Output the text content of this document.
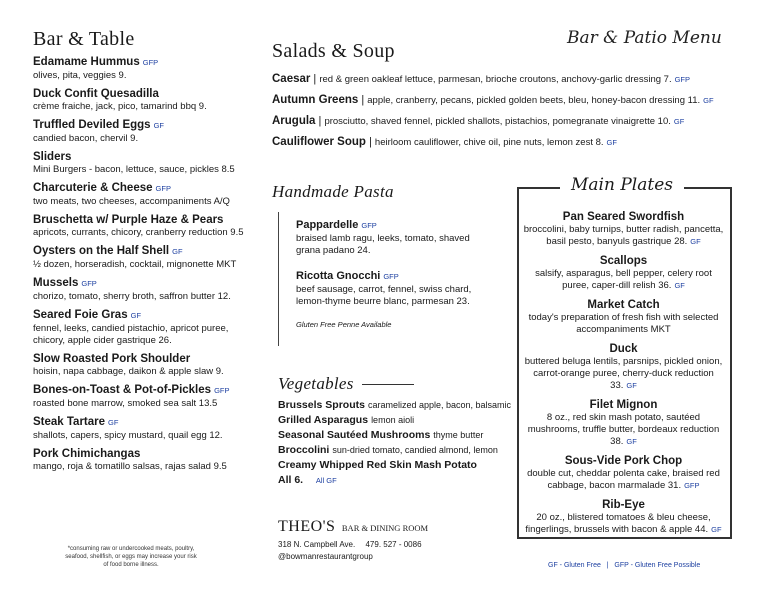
Bar & Patio Menu
Bar & Table
Edamame Hummus GFP
olives, pita, veggies 9.
Duck Confit Quesadilla
crème fraiche, jack, pico, tamarind bbq 9.
Truffled Deviled Eggs GF
candied bacon, chervil 9.
Sliders
Mini Burgers - bacon, lettuce, sauce, pickles 8.5
Charcuterie & Cheese GFP
two meats, two cheeses, accompaniments A/Q
Bruschetta w/ Purple Haze & Pears
apricots, currants, chicory, cranberry reduction 9.5
Oysters on the Half Shell GF
½ dozen, horseradish, cocktail, mignonette MKT
Mussels GFP
chorizo, tomato, sherry broth, saffron butter 12.
Seared Foie Gras GF
fennel, leeks, candied pistachio, apricot puree, chicory, apple cider gastrique 26.
Slow Roasted Pork Shoulder
hoisin, napa cabbage, daikon & apple slaw 9.
Bones-on-Toast & Pot-of-Pickles GFP
roasted bone marrow, smoked sea salt 13.5
Steak Tartare GF
shallots, capers, spicy mustard, quail egg 12.
Pork Chimichangas
mango, roja & tomatillo salsas, rajas salad 9.5
Salads & Soup
Caesar | red & green oakleaf lettuce, parmesan, brioche croutons, anchovy-garlic dressing 7. GFP
Autumn Greens | apple, cranberry, pecans, pickled golden beets, bleu, honey-bacon dressing 11. GF
Arugula | prosciutto, shaved fennel, pickled shallots, pistachios, pomegranate vinaigrette 10. GF
Cauliflower Soup | heirloom cauliflower, chive oil, pine nuts, lemon zest 8. GF
Handmade Pasta
Pappardelle GFP
braised lamb ragu, leeks, tomato, shaved grana padano 24.
Ricotta Gnocchi GFP
beef sausage, carrot, fennel, swiss chard, lemon-thyme beurre blanc, parmesan 23.
Gluten Free Penne Available
Vegetables
Brussels Sprouts caramelized apple, bacon, balsamic
Grilled Asparagus lemon aioli
Seasonal Sautéed Mushrooms thyme butter
Broccolini sun-dried tomato, candied almond, lemon
Creamy Whipped Red Skin Mash Potato
All 6. All GF
THEO'S BAR & DINING ROOM
318 N. Campbell Ave. 479. 527 - 0086
@bowmanrestaurantgroup
Main Plates
Pan Seared Swordfish
broccolini, baby turnips, butter radish, pancetta, basil pesto, banyuls gastrique 28. GF
Scallops
salsify, asparagus, bell pepper, celery root puree, caper-dill relish 36. GF
Market Catch
today's preparation of fresh fish with selected accompaniments MKT
Duck
buttered beluga lentils, parsnips, pickled onion, carrot-orange puree, cherry-duck reduction 33. GF
Filet Mignon
8 oz., red skin mash potato, sautéed mushrooms, truffle butter, bordeaux reduction 38. GF
Sous-Vide Pork Chop
double cut, cheddar polenta cake, braised red cabbage, bacon marmalade 31. GFP
Rib-Eye
20 oz., blistered tomatoes & bleu cheese, fingerlings, brussels with bacon & apple 44. GF
*consuming raw or undercooked meats, poultry, seafood, shellfish, or eggs may increase your risk of food borne illness.	GF - Gluten Free   |   GFP - Gluten Free Possible
